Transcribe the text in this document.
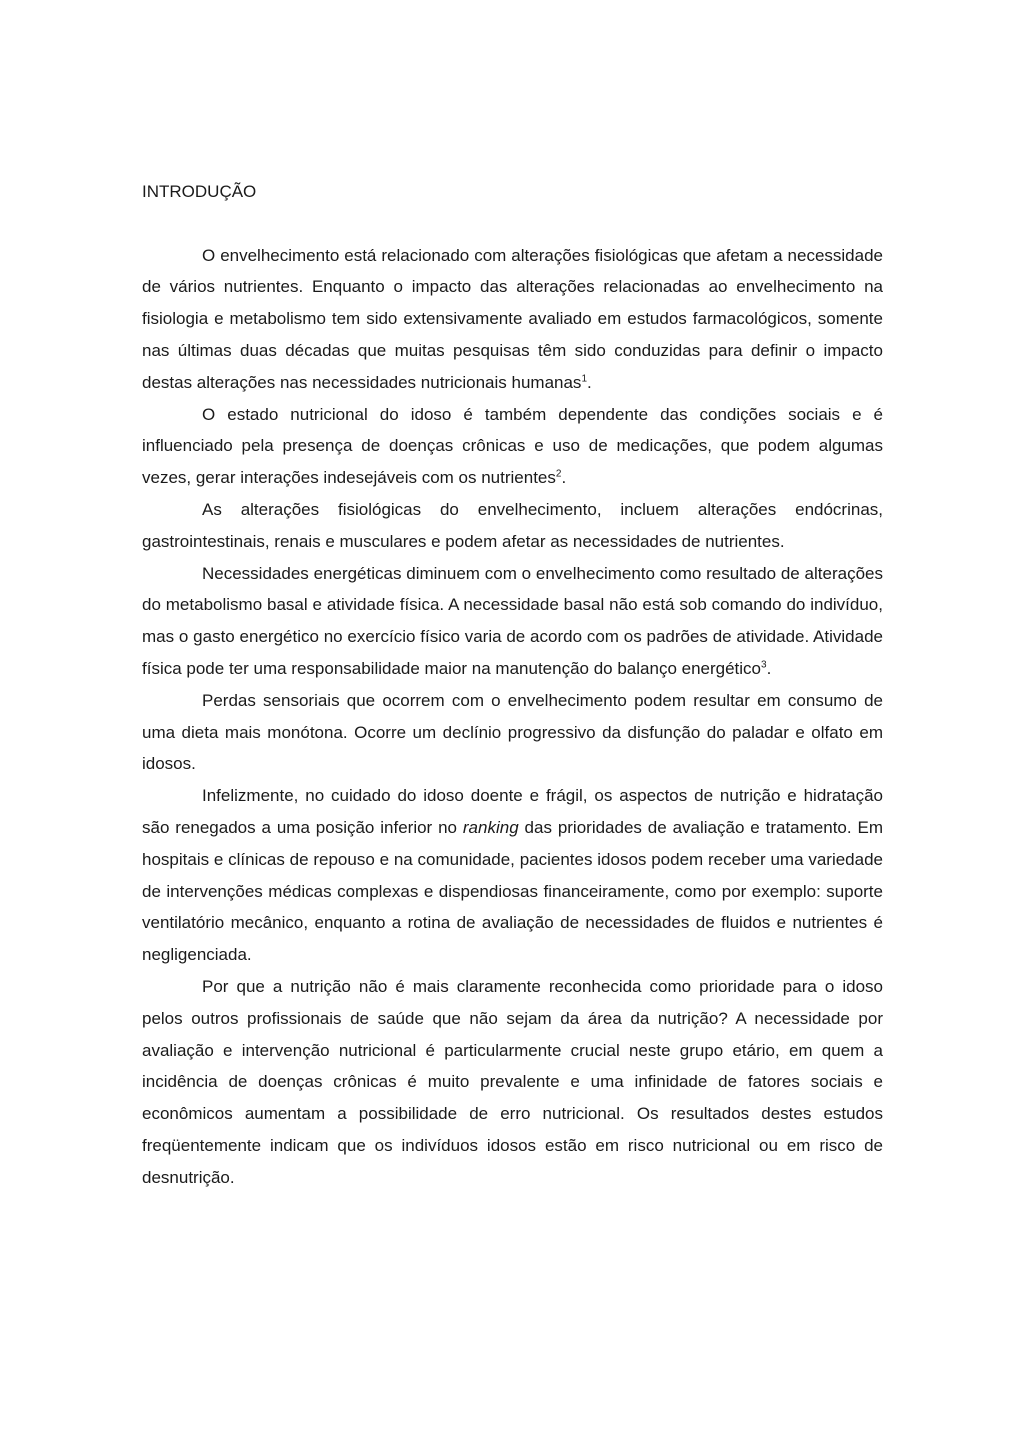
INTRODUÇÃO

O envelhecimento está relacionado com alterações fisiológicas que afetam a necessidade de vários nutrientes. Enquanto o impacto das alterações relacionadas ao envelhecimento na fisiologia e metabolismo tem sido extensivamente avaliado em estudos farmacológicos, somente nas últimas duas décadas que muitas pesquisas têm sido conduzidas para definir o impacto destas alterações nas necessidades nutricionais humanas$^1$.

O estado nutricional do idoso é também dependente das condições sociais e é influenciado pela presença de doenças crônicas e uso de medicações, que podem algumas vezes, gerar interações indesejáveis com os nutrientes$^2$.

As alterações fisiológicas do envelhecimento, incluem alterações endócrinas, gastrointestinais, renais e musculares e podem afetar as necessidades de nutrientes.

Necessidades energéticas diminuem com o envelhecimento como resultado de alterações do metabolismo basal e atividade física. A necessidade basal não está sob comando do indivíduo, mas o gasto energético no exercício físico varia de acordo com os padrões de atividade. Atividade física pode ter uma responsabilidade maior na manutenção do balanço energético$^3$.

Perdas sensoriais que ocorrem com o envelhecimento podem resultar em consumo de uma dieta mais monótona. Ocorre um declínio progressivo da disfunção do paladar e olfato em idosos.

Infelizmente, no cuidado do idoso doente e frágil, os aspectos de nutrição e hidratação são renegados a uma posição inferior no ranking das prioridades de avaliação e tratamento. Em hospitais e clínicas de repouso e na comunidade, pacientes idosos podem receber uma variedade de intervenções médicas complexas e dispendiosas financeiramente, como por exemplo: suporte ventilatório mecânico, enquanto a rotina de avaliação de necessidades de fluidos e nutrientes é negligenciada.

Por que a nutrição não é mais claramente reconhecida como prioridade para o idoso pelos outros profissionais de saúde que não sejam da área da nutrição? A necessidade por avaliação e intervenção nutricional é particularmente crucial neste grupo etário, em quem a incidência de doenças crônicas é muito prevalente e uma infinidade de fatores sociais e econômicos aumentam a possibilidade de erro nutricional. Os resultados destes estudos freqüentemente indicam que os indivíduos idosos estão em risco nutricional ou em risco de desnutrição.
